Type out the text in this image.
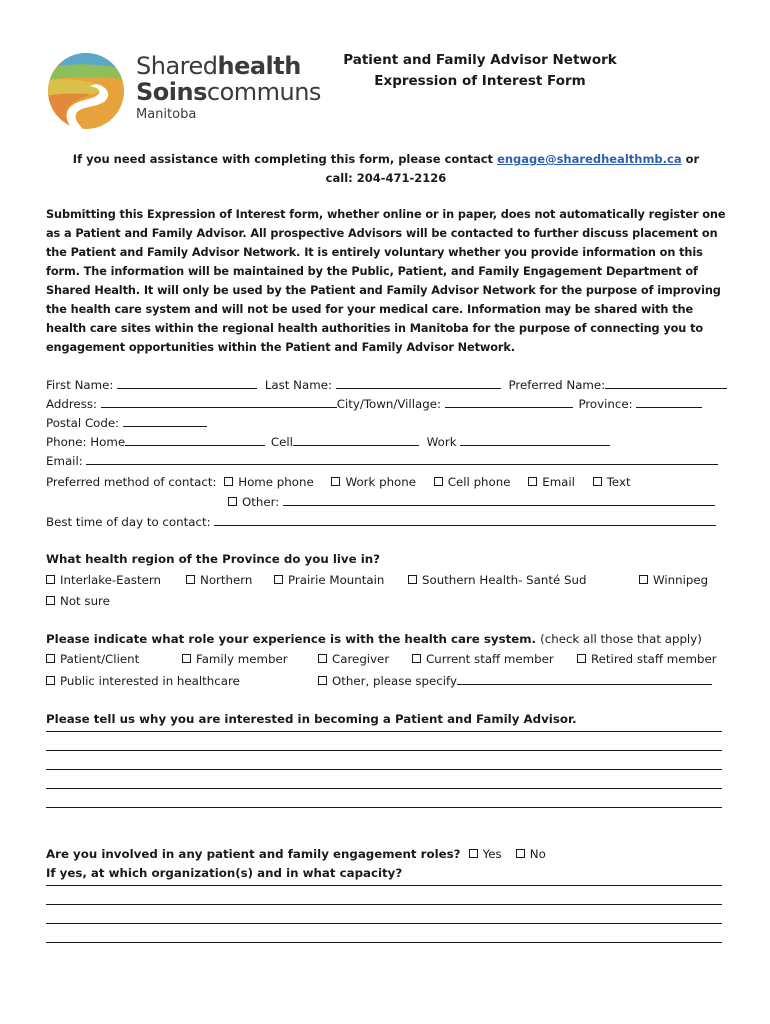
Sharedhealth
Soinscommuns
Manitoba
Patient and Family Advisor Network
Expression of Interest Form
If you need assistance with completing this form, please contact engage@sharedhealthmb.ca or
call: 204-471-2126
Submitting this Expression of Interest form, whether online or in paper, does not automatically register one as a Patient and Family Advisor. All prospective Advisors will be contacted to further discuss placement on the Patient and Family Advisor Network. It is entirely voluntary whether you provide information on this form. The information will be maintained by the Public, Patient, and Family Engagement Department of Shared Health. It will only be used by the Patient and Family Advisor Network for the purpose of improving the health care system and will not be used for your medical care. Information may be shared with the health care sites within the regional health authorities in Manitoba for the purpose of connecting you to engagement opportunities within the Patient and Family Advisor Network.
First Name:	Last Name:	Preferred Name:
Address:	City/Town/Village:	Province:
Postal Code:
Phone: Home	Cell	Work
Email:
Preferred method of contact: Home phone	Work phone	Cell phone	Email	Text
Other:
Best time of day to contact:
What health region of the Province do you live in?
Interlake-Eastern	Northern	Prairie Mountain	Southern Health- Santé Sud	Winnipeg
Not sure
Please indicate what role your experience is with the health care system. (check all those that apply)
Patient/Client	Family member	Caregiver	Current staff member	Retired staff member
Public interested in healthcare	Other, please specify
Please tell us why you are interested in becoming a Patient and Family Advisor.
Are you involved in any patient and family engagement roles? Yes No
If yes, at which organization(s) and in what capacity?
